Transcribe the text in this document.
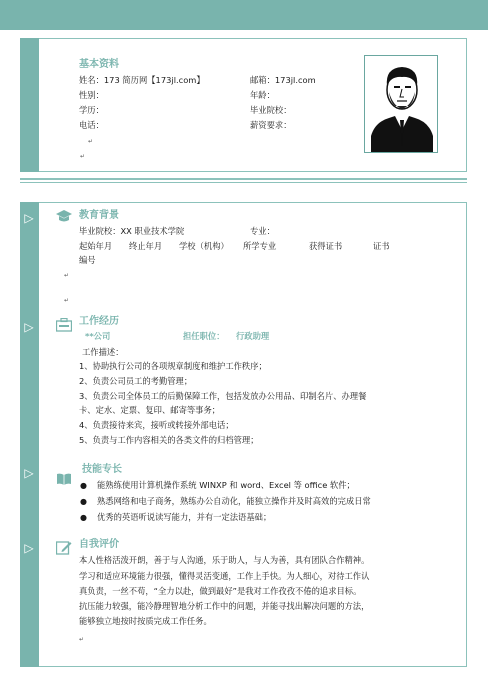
▷
▷
▷
▷
基本资料
姓名：173 简历网【173jl.com】	邮箱：173jl.com
性别：	年龄：
学历：	毕业院校：
电话：	薪资要求：
↵
↵
教育背景
毕业院校：XX 职业技术学院	专业：
起始年月 终止年月 学校（机构） 所学专业	获得证书	证书
编号
↵
↵
工作经历
**公司	担任职位： 行政助理
工作描述：
1、协助执行公司的各项规章制度和维护工作秩序；
2、负责公司员工的考勤管理；
3、负责公司全体员工的后勤保障工作，包括发放办公用品、印制名片、办理餐
卡、定水、定票、复印、邮寄等事务；
4、负责接待来宾，接听或转接外部电话；
5、负责与工作内容相关的各类文件的归档管理；
技能专长
● 能熟练使用计算机操作系统 WINXP 和 word、Excel 等 office 软件；
● 熟悉网络和电子商务，熟练办公自动化，能独立操作并及时高效的完成日常
● 优秀的英语听说读写能力，并有一定法语基础；
自我评价
本人性格活泼开朗，善于与人沟通，乐于助人，与人为善，具有团队合作精神。
学习和适应环境能力很强，懂得灵活变通，工作上手快。为人细心，对待工作认
真负责，一丝不苟，“全力以赴，做到最好”是我对工作孜孜不倦的追求目标。
抗压能力较强，能冷静理智地分析工作中的问题，并能寻找出解决问题的方法，
能够独立地按时按质完成工作任务。
↵
